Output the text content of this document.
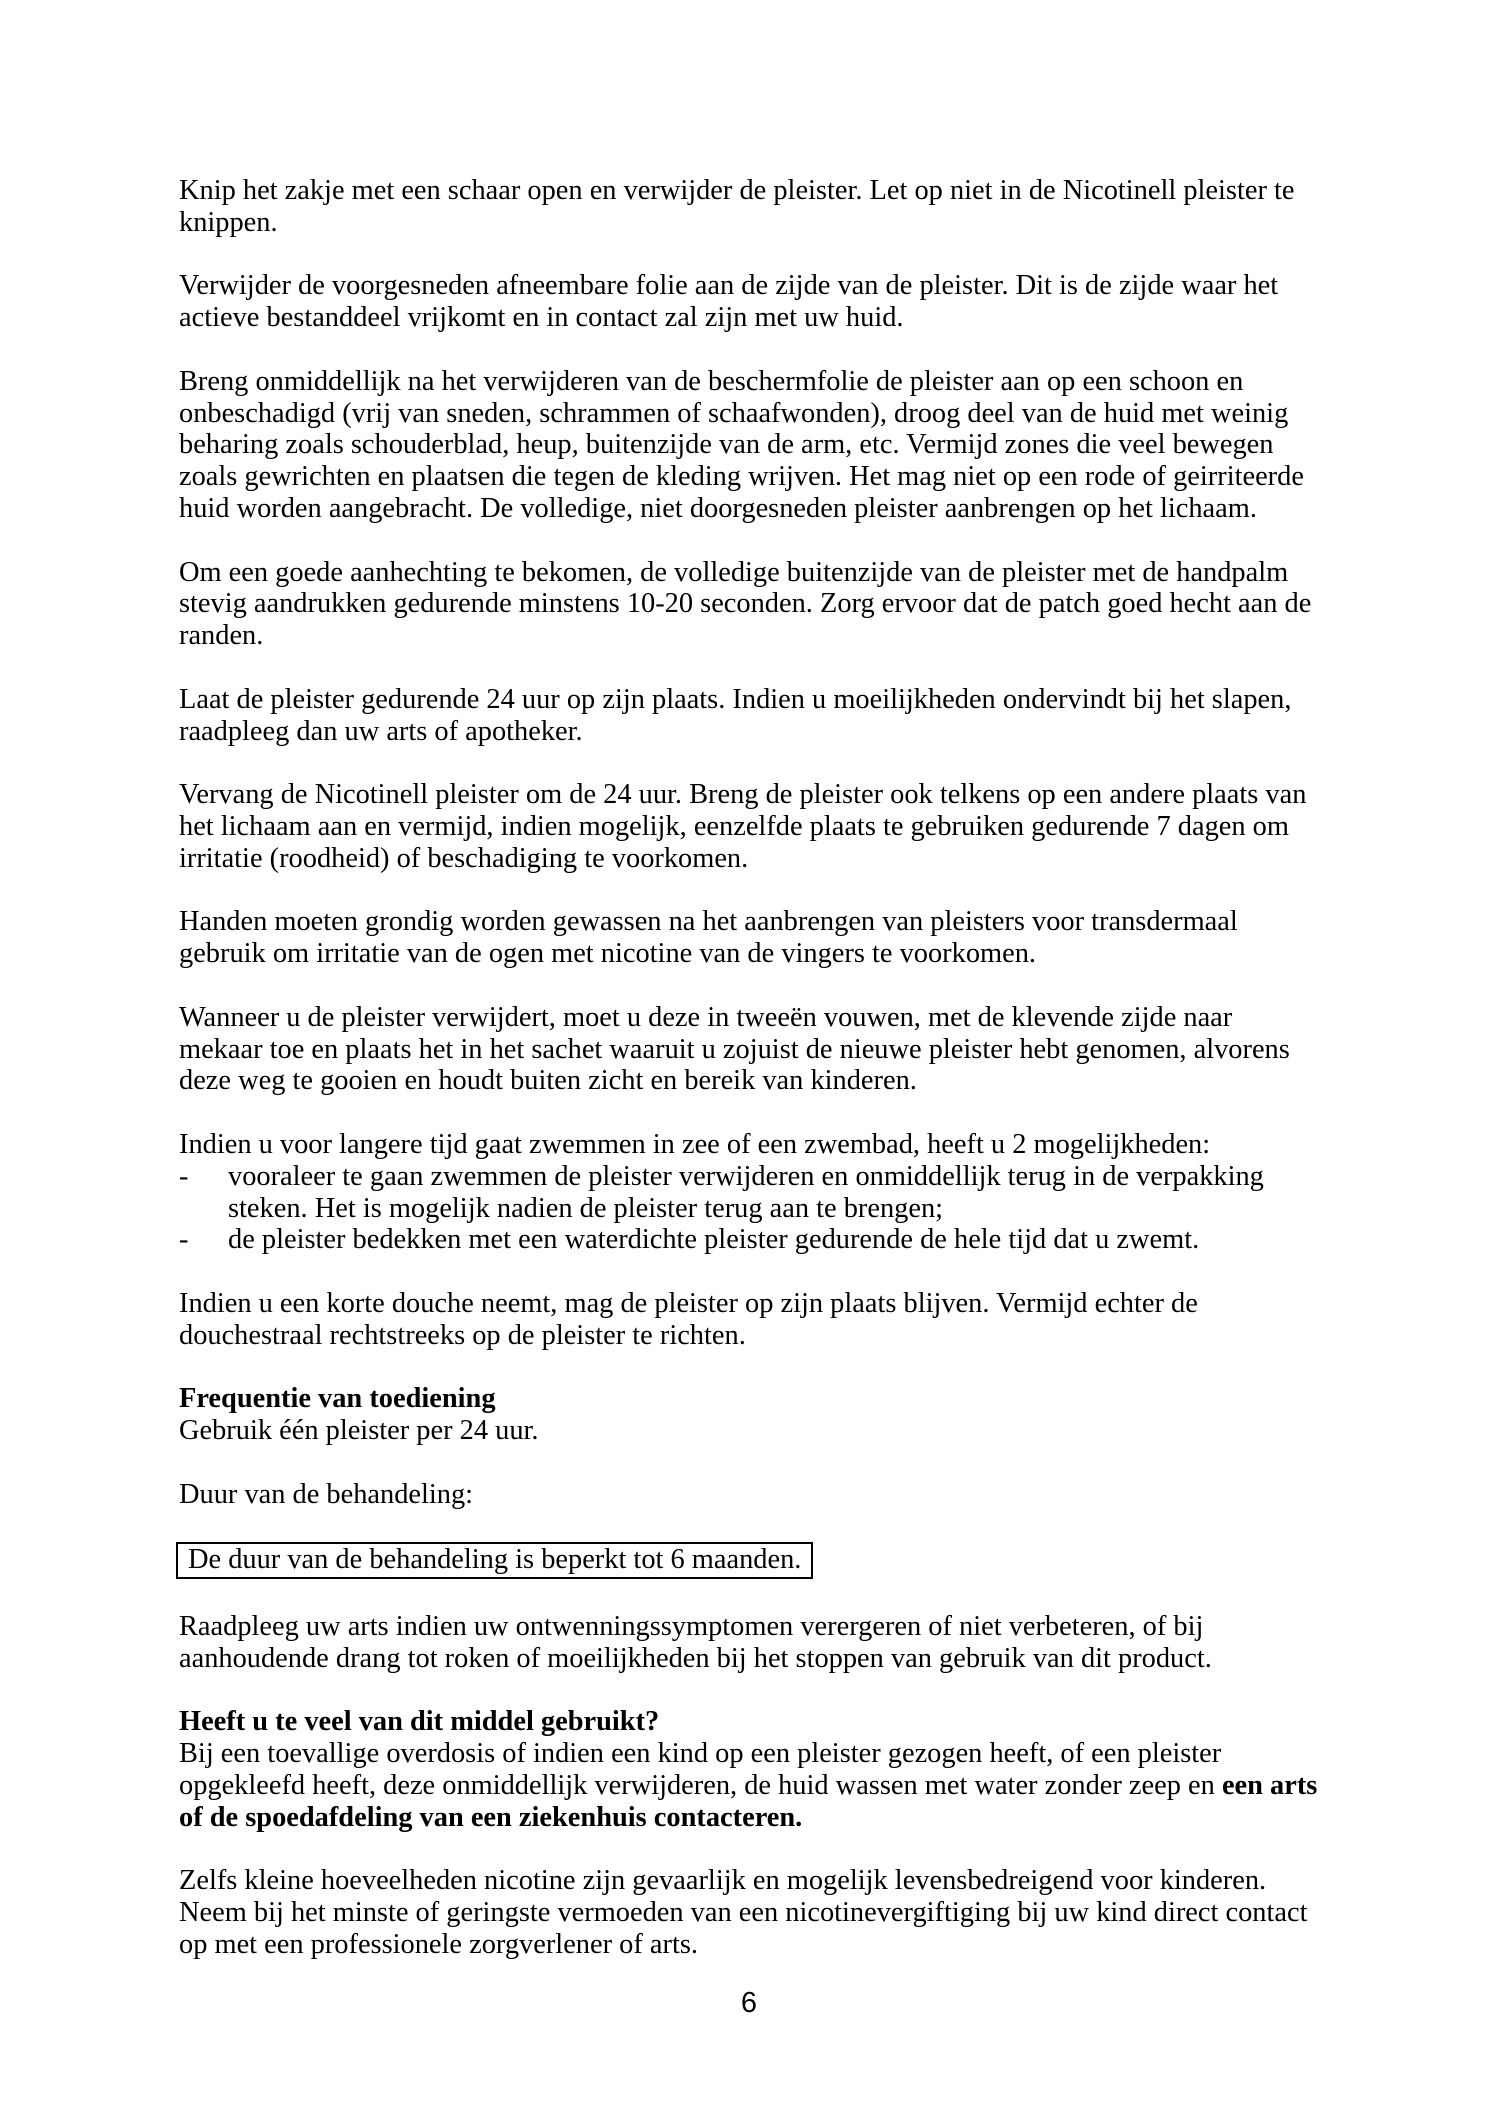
Knip het zakje met een schaar open en verwijder de pleister. Let op niet in de Nicotinell pleister te knippen.

Verwijder de voorgesneden afneembare folie aan de zijde van de pleister. Dit is de zijde waar het actieve bestanddeel vrijkomt en in contact zal zijn met uw huid.

Breng onmiddellijk na het verwijderen van de beschermfolie de pleister aan op een schoon en onbeschadigd (vrij van sneden, schrammen of schaafwonden), droog deel van de huid met weinig beharing zoals schouderblad, heup, buitenzijde van de arm, etc. Vermijd zones die veel bewegen zoals gewrichten en plaatsen die tegen de kleding wrijven. Het mag niet op een rode of geirriteerde huid worden aangebracht. De volledige, niet doorgesneden pleister aanbrengen op het lichaam.

Om een goede aanhechting te bekomen, de volledige buitenzijde van de pleister met de handpalm stevig aandrukken gedurende minstens 10-20 seconden. Zorg ervoor dat de patch goed hecht aan de randen.

Laat de pleister gedurende 24 uur op zijn plaats. Indien u moeilijkheden ondervindt bij het slapen, raadpleeg dan uw arts of apotheker.

Vervang de Nicotinell pleister om de 24 uur. Breng de pleister ook telkens op een andere plaats van het lichaam aan en vermijd, indien mogelijk, eenzelfde plaats te gebruiken gedurende 7 dagen om irritatie (roodheid) of beschadiging te voorkomen.

Handen moeten grondig worden gewassen na het aanbrengen van pleisters voor transdermaal gebruik om irritatie van de ogen met nicotine van de vingers te voorkomen.

Wanneer u de pleister verwijdert, moet u deze in tweeën vouwen, met de klevende zijde naar mekaar toe en plaats het in het sachet waaruit u zojuist de nieuwe pleister hebt genomen, alvorens deze weg te gooien en houdt buiten zicht en bereik van kinderen.

Indien u voor langere tijd gaat zwemmen in zee of een zwembad, heeft u 2 mogelijkheden:

- vooraleer te gaan zwemmen de pleister verwijderen en onmiddellijk terug in de verpakking steken. Het is mogelijk nadien de pleister terug aan te brengen;
- de pleister bedekken met een waterdichte pleister gedurende de hele tijd dat u zwemt.

Indien u een korte douche neemt, mag de pleister op zijn plaats blijven. Vermijd echter de douchestraal rechtstreeks op de pleister te richten.

Frequentie van toediening

Gebruik één pleister per 24 uur.

Duur van de behandeling:

De duur van de behandeling is beperkt tot 6 maanden.

Raadpleeg uw arts indien uw ontwenningssymptomen verergeren of niet verbeteren, of bij aanhoudende drang tot roken of moeilijkheden bij het stoppen van gebruik van dit product.

Heeft u te veel van dit middel gebruikt?

Bij een toevallige overdosis of indien een kind op een pleister gezogen heeft, of een pleister opgekleefd heeft, deze onmiddellijk verwijderen, de huid wassen met water zonder zeep en een arts of de spoedafdeling van een ziekenhuis contacteren.

Zelfs kleine hoeveelheden nicotine zijn gevaarlijk en mogelijk levensbedreigend voor kinderen. Neem bij het minste of geringste vermoeden van een nicotinevergiftiging bij uw kind direct contact op met een professionele zorgverlener of arts.

6
